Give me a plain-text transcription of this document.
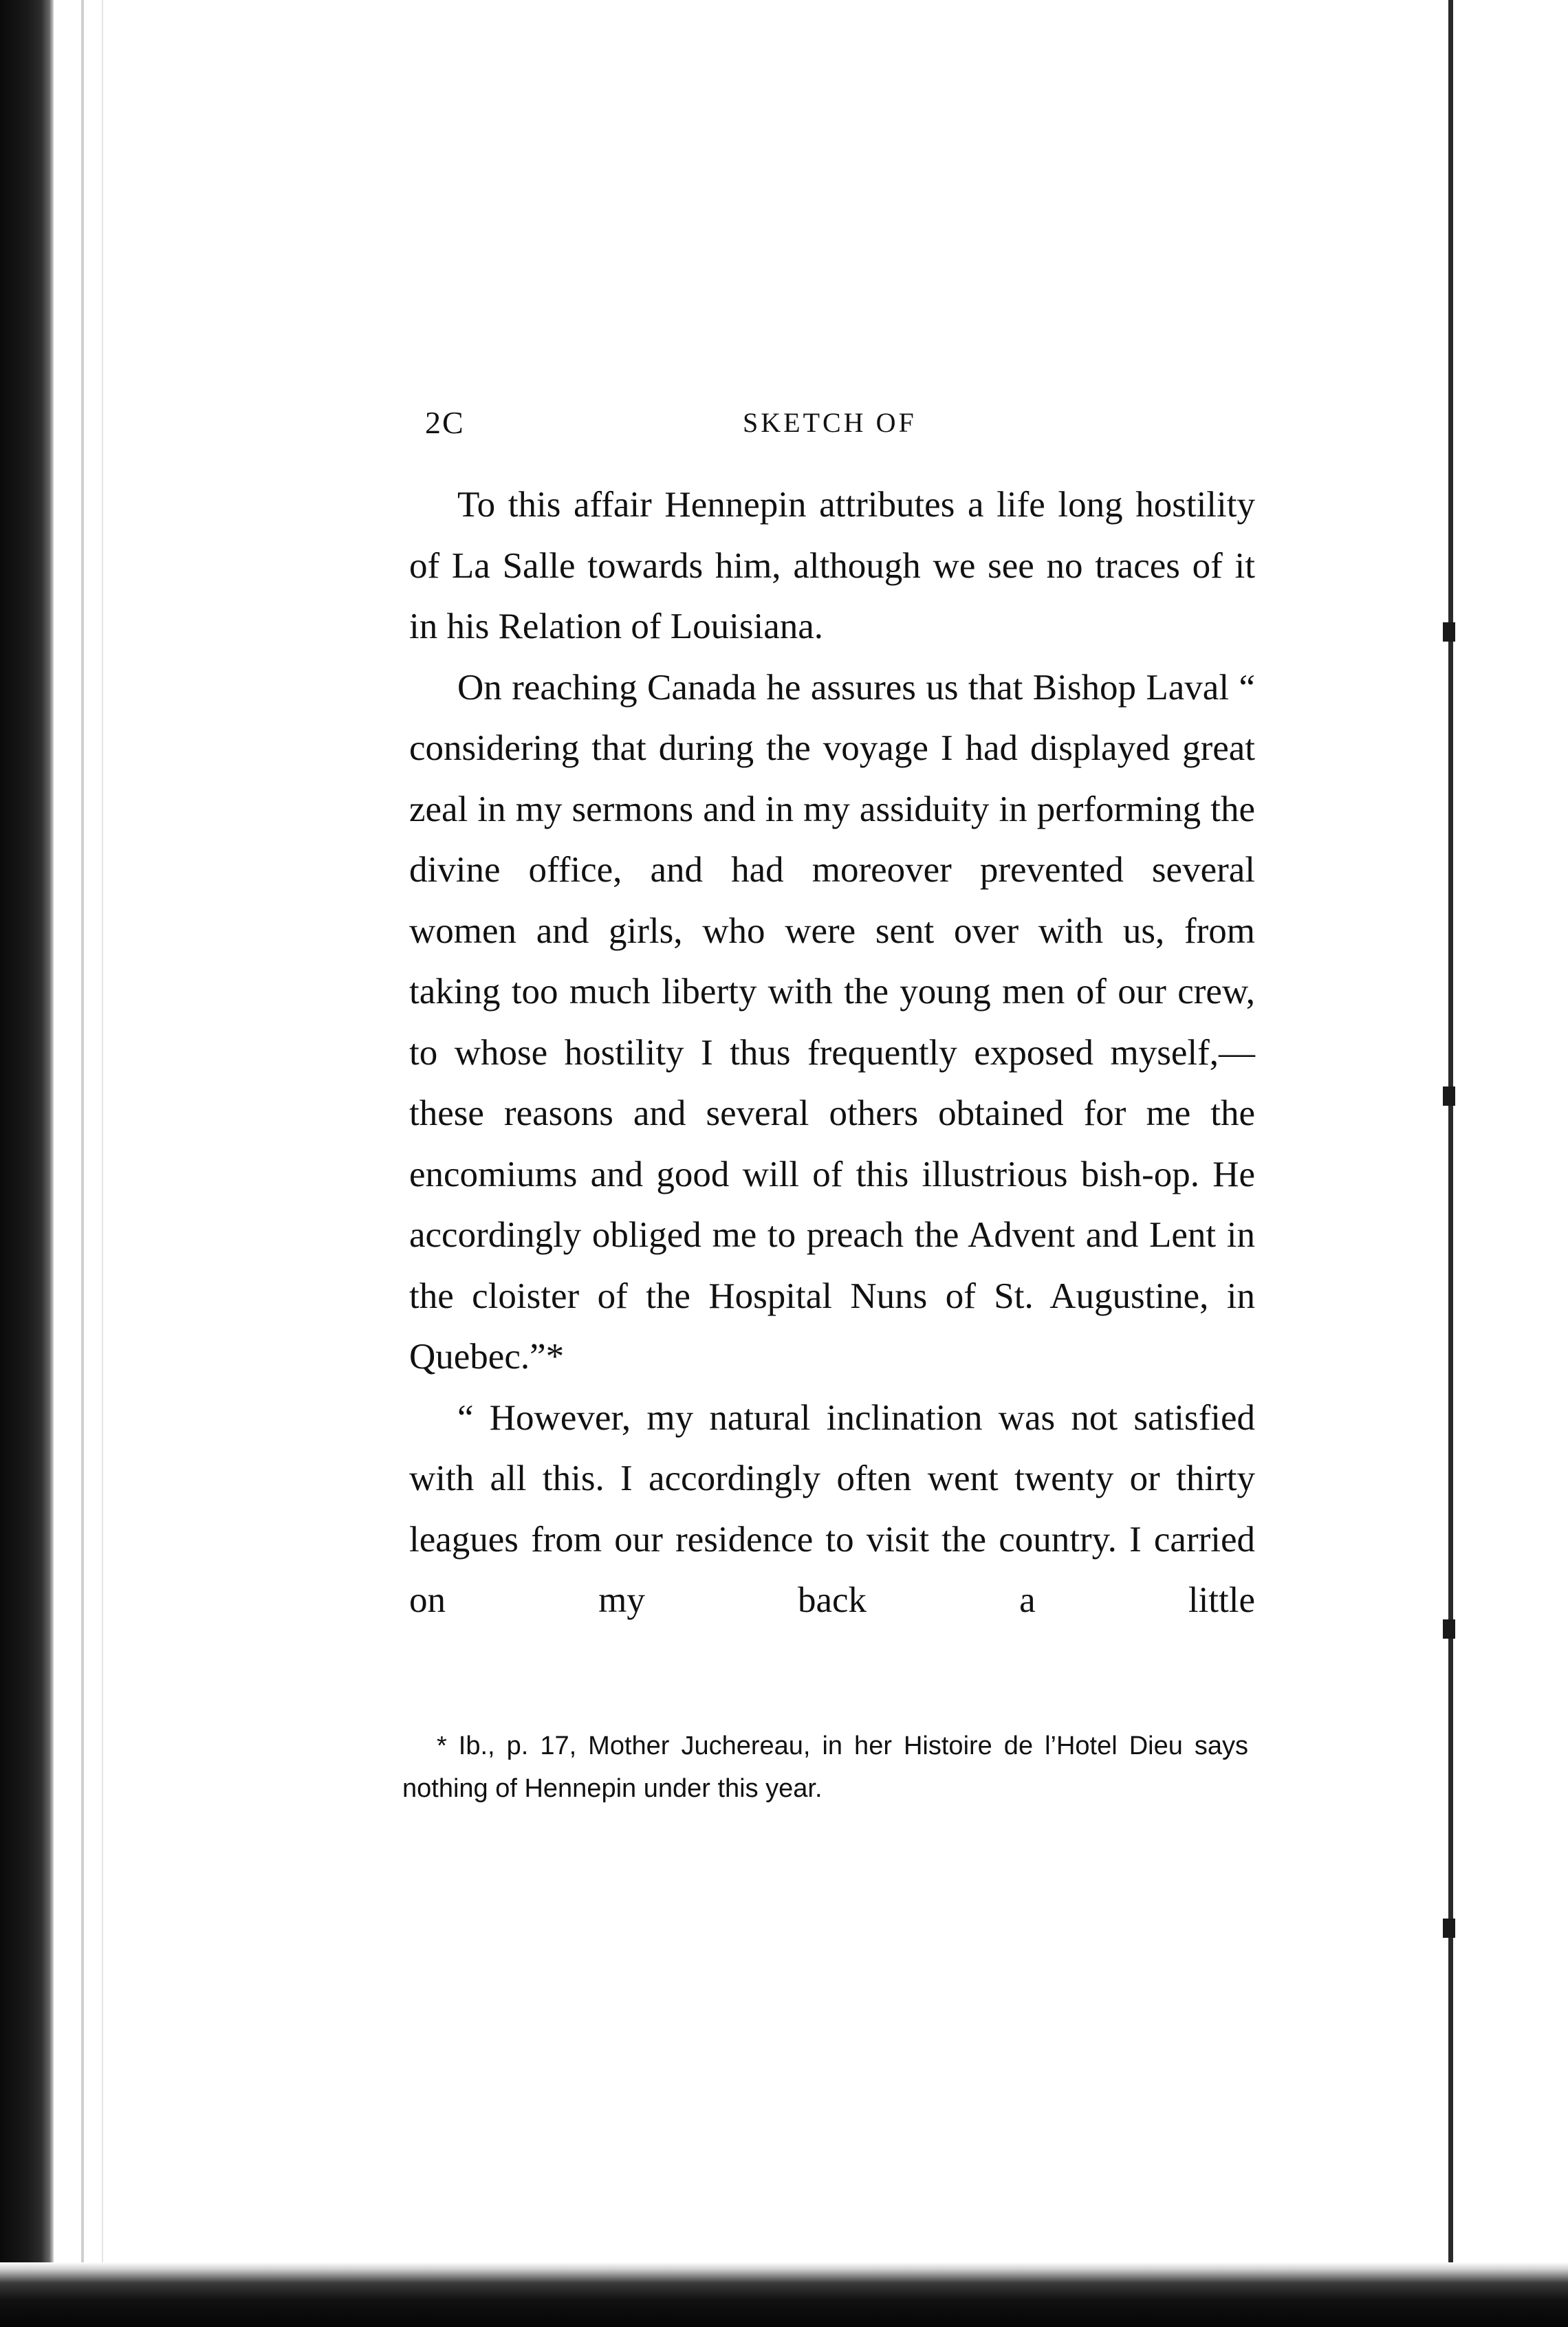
2C	SKETCH OF

To this affair Hennepin attributes a life long hostility of La Salle towards him, although we see no traces of it in his Relation of Louisiana.

On reaching Canada he assures us that Bishop Laval “ considering that during the voyage I had displayed great zeal in my sermons and in my assiduity in performing the divine office, and had moreover prevented several women and girls, who were sent over with us, from taking too much liberty with the young men of our crew, to whose hostility I thus frequently exposed myself,— these reasons and several others obtained for me the encomiums and good will of this illustrious bish-op. He accordingly obliged me to preach the Advent and Lent in the cloister of the Hospital Nuns of St. Augustine, in Quebec.”*

“ However, my natural inclination was not satisfied with all this. I accordingly often went twenty or thirty leagues from our residence to visit the country. I carried on my back a little

* Ib., p. 17, Mother Juchereau, in her Histoire de l’Hotel Dieu says nothing of Hennepin under this year.
